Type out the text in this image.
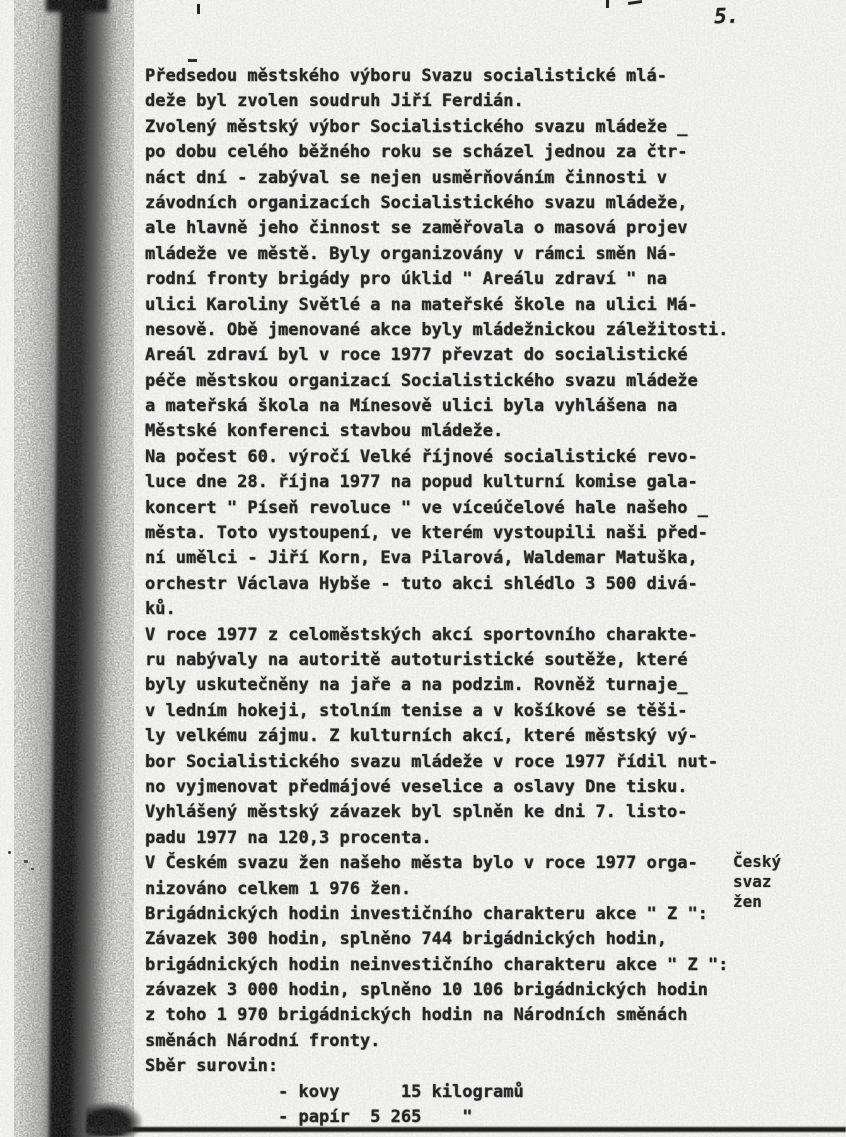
5.
Předsedou městského výboru Svazu socialistické mlá-
deže byl zvolen soudruh Jiří Ferdián.
Zvolený městský výbor Socialistického svazu mládeže _
po dobu celého běžného roku se scházel jednou za čtr-
náct dní - zabýval se nejen usměrňováním činnosti v
závodních organizacích Socialistického svazu mládeže,
ale hlavně jeho činnost se zaměřovala o masová projev
mládeže ve městě. Byly organizovány v rámci směn Ná-
rodní fronty brigády pro úklid " Areálu zdraví " na
ulici Karoliny Světlé a na mateřské škole na ulici Má-
nesově. Obě jmenované akce byly mládežnickou záležitosti.
Areál zdraví byl v roce 1977 převzat do socialistické
péče městskou organizací Socialistického svazu mládeže
a mateřská škola na Mínesově ulici byla vyhlášena na
Městské konferenci stavbou mládeže.
Na počest 60. výročí Velké říjnové socialistické revo-
luce dne 28. října 1977 na popud kulturní komise gala-
koncert " Píseň revoluce " ve víceúčelové hale našeho _
města. Toto vystoupení, ve kterém vystoupili naši před-
ní umělci - Jiří Korn, Eva Pilarová, Waldemar Matuška,
orchestr Václava Hybše - tuto akci shlédlo 3 500 divá-
ků.
V roce 1977 z celoměstských akcí sportovního charakte-
ru nabývaly na autoritě autoturistické soutěže, které
byly uskutečněny na jaře a na podzim. Rovněž turnaje_
v ledním hokeji, stolním tenise a v košíkové se těši-
ly velkému zájmu. Z kulturních akcí, které městský vý-
bor Socialistického svazu mládeže v roce 1977 řídil nut-
no vyjmenovat předmájové veselice a oslavy Dne tisku.
Vyhlášený městský závazek byl splněn ke dni 7. listo-
padu 1977 na 120,3 procenta.
V Českém svazu žen našeho města bylo v roce 1977 orga-
nizováno celkem 1 976 žen.
Brigádnických hodin investičního charakteru akce " Z ":
Závazek 300 hodin, splněno 744 brigádnických hodin,
brigádnických hodin neinvestičního charakteru akce " Z ":
závazek 3 000 hodin, splněno 10 106 brigádnických hodin
z toho 1 970 brigádnických hodin na Národních směnách
směnách Národní fronty.
Sběr surovin:
- kovy      15 kilogramů
- papír  5 265    "
Český
svaz
žen
